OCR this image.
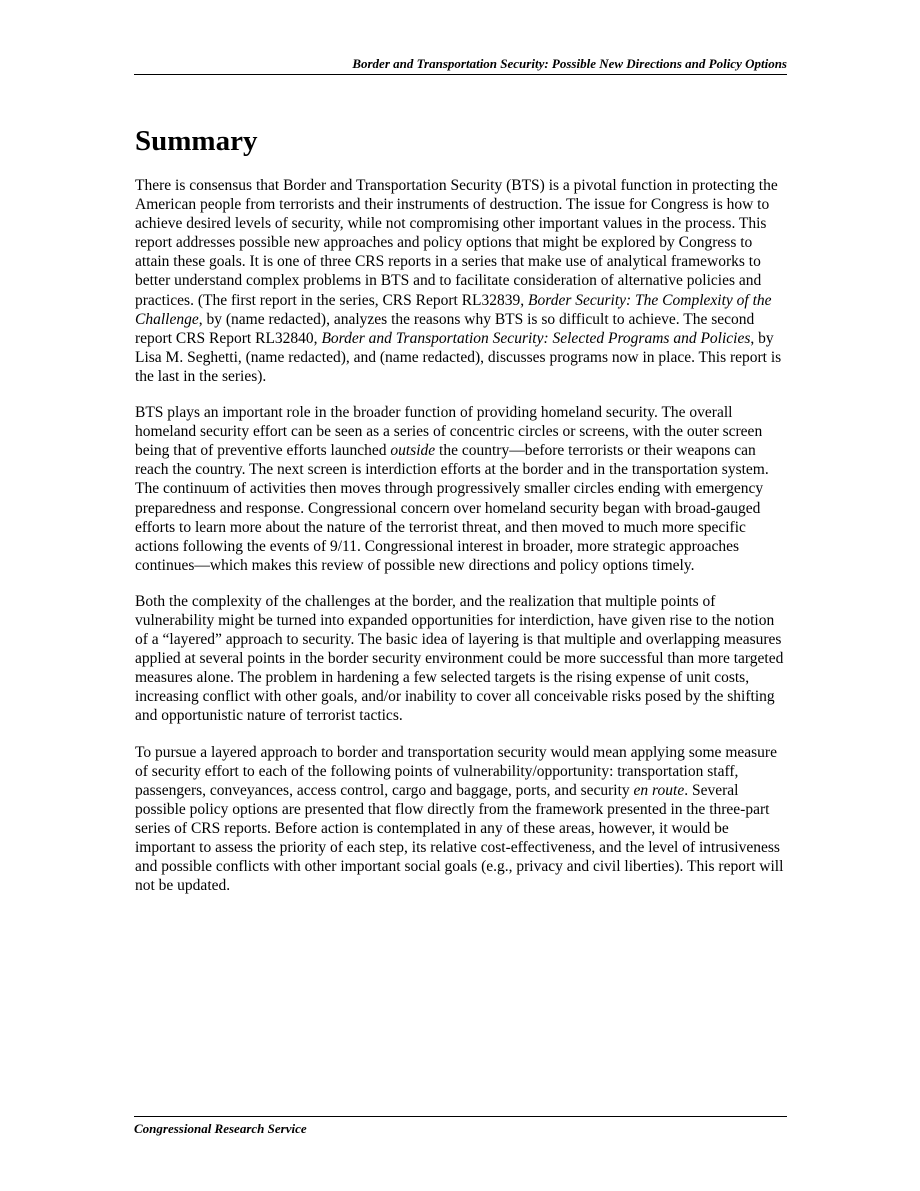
Border and Transportation Security: Possible New Directions and Policy Options
Summary

There is consensus that Border and Transportation Security (BTS) is a pivotal function in protecting the American people from terrorists and their instruments of destruction. The issue for Congress is how to achieve desired levels of security, while not compromising other important values in the process. This report addresses possible new approaches and policy options that might be explored by Congress to attain these goals. It is one of three CRS reports in a series that make use of analytical frameworks to better understand complex problems in BTS and to facilitate consideration of alternative policies and practices. (The first report in the series, CRS Report RL32839, Border Security: The Complexity of the Challenge, by (name redacted), analyzes the reasons why BTS is so difficult to achieve. The second report CRS Report RL32840, Border and Transportation Security: Selected Programs and Policies, by Lisa M. Seghetti, (name redacted), and (name redacted), discusses programs now in place. This report is the last in the series).

BTS plays an important role in the broader function of providing homeland security. The overall homeland security effort can be seen as a series of concentric circles or screens, with the outer screen being that of preventive efforts launched outside the country—before terrorists or their weapons can reach the country. The next screen is interdiction efforts at the border and in the transportation system. The continuum of activities then moves through progressively smaller circles ending with emergency preparedness and response. Congressional concern over homeland security began with broad-gauged efforts to learn more about the nature of the terrorist threat, and then moved to much more specific actions following the events of 9/11. Congressional interest in broader, more strategic approaches continues—which makes this review of possible new directions and policy options timely.

Both the complexity of the challenges at the border, and the realization that multiple points of vulnerability might be turned into expanded opportunities for interdiction, have given rise to the notion of a “layered” approach to security. The basic idea of layering is that multiple and overlapping measures applied at several points in the border security environment could be more successful than more targeted measures alone. The problem in hardening a few selected targets is the rising expense of unit costs, increasing conflict with other goals, and/or inability to cover all conceivable risks posed by the shifting and opportunistic nature of terrorist tactics.

To pursue a layered approach to border and transportation security would mean applying some measure of security effort to each of the following points of vulnerability/opportunity: transportation staff, passengers, conveyances, access control, cargo and baggage, ports, and security en route. Several possible policy options are presented that flow directly from the framework presented in the three-part series of CRS reports. Before action is contemplated in any of these areas, however, it would be important to assess the priority of each step, its relative cost-effectiveness, and the level of intrusiveness and possible conflicts with other important social goals (e.g., privacy and civil liberties). This report will not be updated.

Congressional Research Service
